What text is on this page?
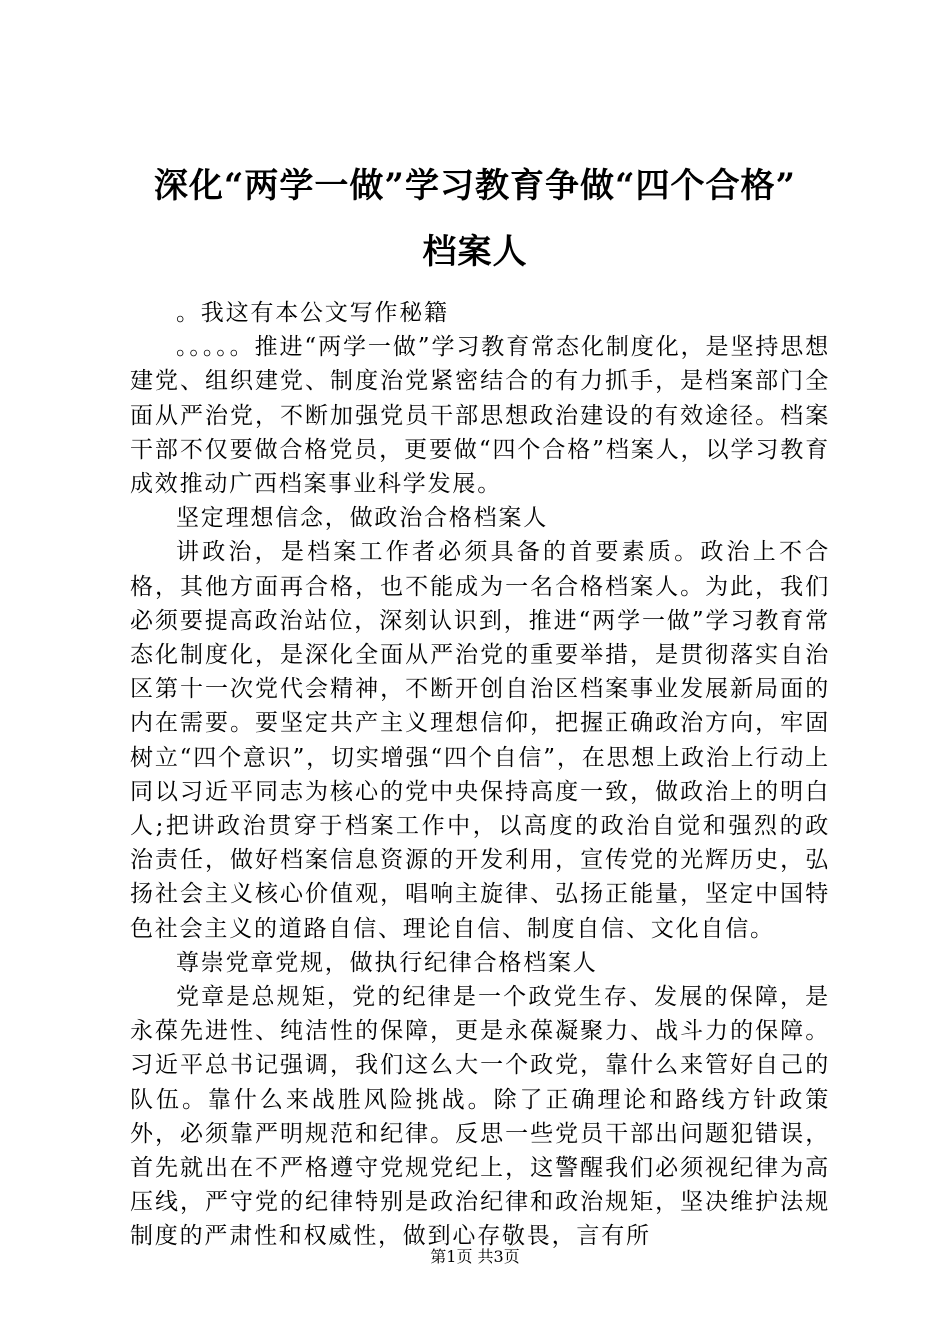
深化“两学一做”学习教育争做“四个合格”
档案人

。我这有本公文写作秘籍

。。。。。推进“两学一做”学习教育常态化制度化，是坚持思想建党、组织建党、制度治党紧密结合的有力抓手，是档案部门全面从严治党，不断加强党员干部思想政治建设的有效途径。档案干部不仅要做合格党员，更要做“四个合格”档案人，以学习教育成效推动广西档案事业科学发展。

坚定理想信念，做政治合格档案人

讲政治，是档案工作者必须具备的首要素质。政治上不合格，其他方面再合格，也不能成为一名合格档案人。为此，我们必须要提高政治站位，深刻认识到，推进“两学一做”学习教育常态化制度化，是深化全面从严治党的重要举措，是贯彻落实自治区第十一次党代会精神，不断开创自治区档案事业发展新局面的内在需要。要坚定共产主义理想信仰，把握正确政治方向，牢固树立“四个意识”，切实增强“四个自信”，在思想上政治上行动上同以习近平同志为核心的党中央保持高度一致，做政治上的明白人;把讲政治贯穿于档案工作中，以高度的政治自觉和强烈的政治责任，做好档案信息资源的开发利用，宣传党的光辉历史，弘扬社会主义核心价值观，唱响主旋律、弘扬正能量，坚定中国特色社会主义的道路自信、理论自信、制度自信、文化自信。

尊崇党章党规，做执行纪律合格档案人

党章是总规矩，党的纪律是一个政党生存、发展的保障，是永葆先进性、纯洁性的保障，更是永葆凝聚力、战斗力的保障。习近平总书记强调，我们这么大一个政党，靠什么来管好自己的队伍。靠什么来战胜风险挑战。除了正确理论和路线方针政策外，必须靠严明规范和纪律。反思一些党员干部出问题犯错误，首先就出在不严格遵守党规党纪上，这警醒我们必须视纪律为高压线，严守党的纪律特别是政治纪律和政治规矩，坚决维护法规制度的严肃性和权威性，做到心存敬畏，言有所

第1页 共3页
